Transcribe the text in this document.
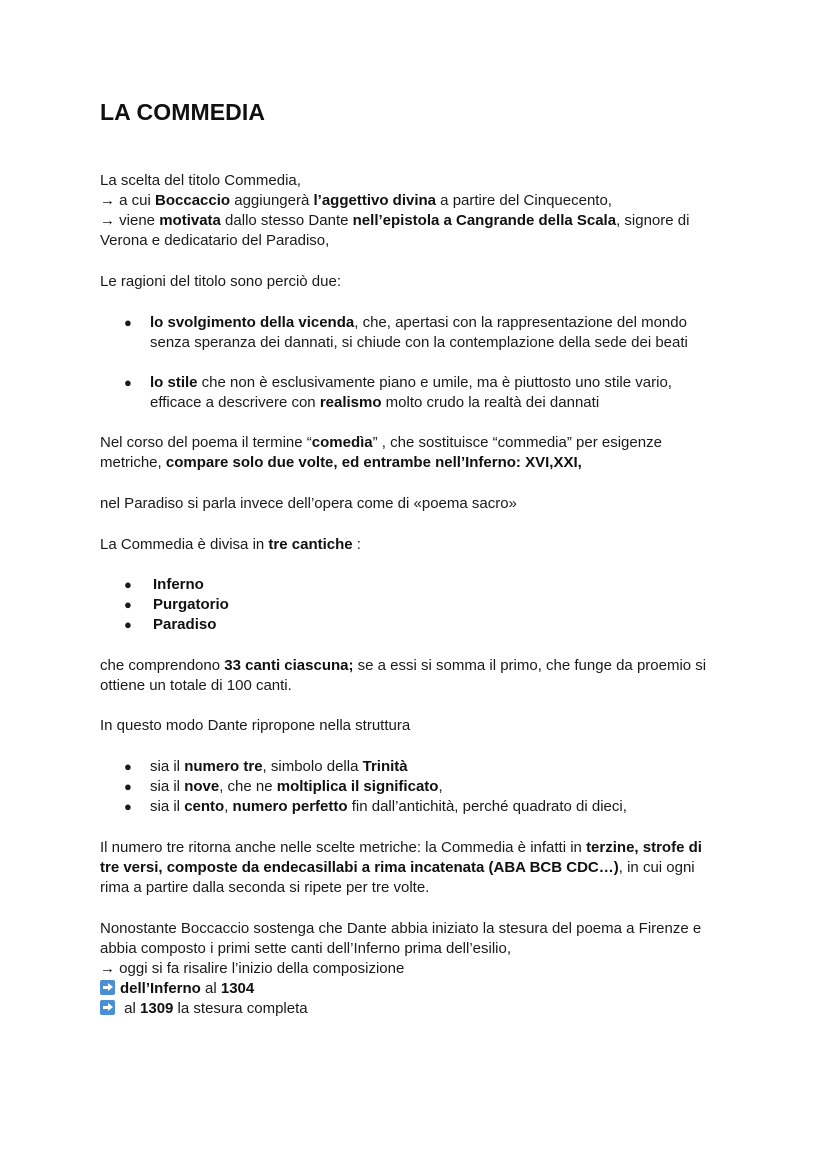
LA COMMEDIA
La scelta del titolo Commedia,
→ a cui Boccaccio aggiungerà l’aggettivo divina a partire del Cinquecento,
→ viene motivata dallo stesso Dante nell’epistola a Cangrande della Scala, signore di
Verona e dedicatario del Paradiso,
Le ragioni del titolo sono perciò due:
● lo svolgimento della vicenda, che, apertasi con la rappresentazione del mondo
senza speranza dei dannati, si chiude con la contemplazione della sede dei beati
● lo stile che non è esclusivamente piano e umile, ma è piuttosto uno stile vario,
efficace a descrivere con realismo molto crudo la realtà dei dannati
Nel corso del poema il termine “comedìa” , che sostituisce “commedia” per esigenze
metriche, compare solo due volte, ed entrambe nell’Inferno: XVI,XXI,
nel Paradiso si parla invece dell’opera come di «poema sacro»
La Commedia è divisa in tre cantiche :
● Inferno
● Purgatorio
● Paradiso
che comprendono 33 canti ciascuna; se a essi si somma il primo, che funge da proemio si
ottiene un totale di 100 canti.
In questo modo Dante ripropone nella struttura
● sia il numero tre, simbolo della Trinità
● sia il nove, che ne moltiplica il significato,
● sia il cento, numero perfetto fin dall’antichità, perché quadrato di dieci,
Il numero tre ritorna anche nelle scelte metriche: la Commedia è infatti in terzine, strofe di
tre versi, composte da endecasillabi a rima incatenata (ABA BCB CDC…), in cui ogni
rima a partire dalla seconda si ripete per tre volte.
Nonostante Boccaccio sostenga che Dante abbia iniziato la stesura del poema a Firenze e
abbia composto i primi sette canti dell’Inferno prima dell’esilio,
→ oggi si fa risalire l’inizio della composizione
dell’Inferno al 1304
al 1309 la stesura completa
